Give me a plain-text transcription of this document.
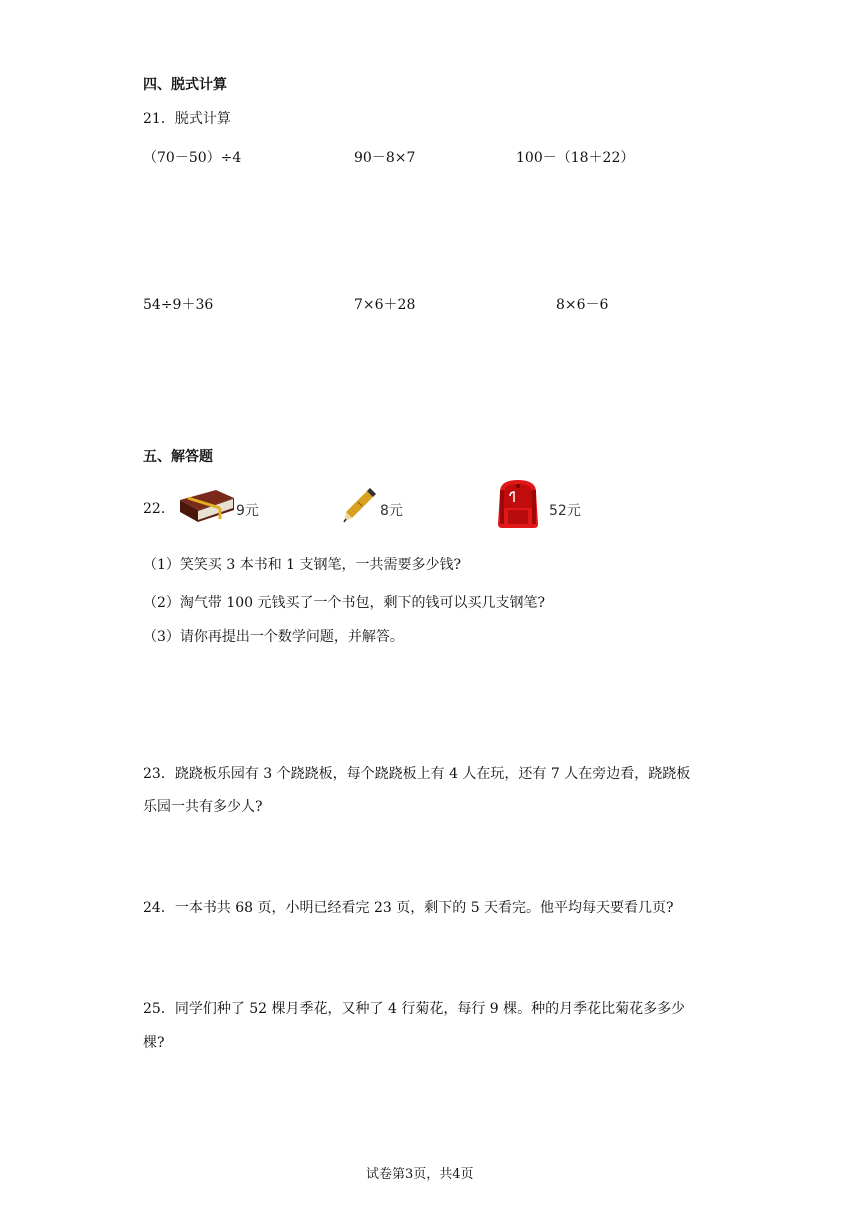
四、脱式计算
21．脱式计算
（70－50）÷4	90－8×7	100－（18＋22）
54÷9＋36	7×6＋28	8×6－6
五、解答题
22．	9元	8元	52元
（1）笑笑买 3 本书和 1 支钢笔，一共需要多少钱?
（2）淘气带 100 元钱买了一个书包，剩下的钱可以买几支钢笔?
（3）请你再提出一个数学问题，并解答。
23．跷跷板乐园有 3 个跷跷板，每个跷跷板上有 4 人在玩，还有 7 人在旁边看，跷跷板
乐园一共有多少人?
24．一本书共 68 页，小明已经看完 23 页，剩下的 5 天看完。他平均每天要看几页?
25．同学们种了 52 棵月季花，又种了 4 行菊花，每行 9 棵。种的月季花比菊花多多少
棵?
试卷第3页，共4页
